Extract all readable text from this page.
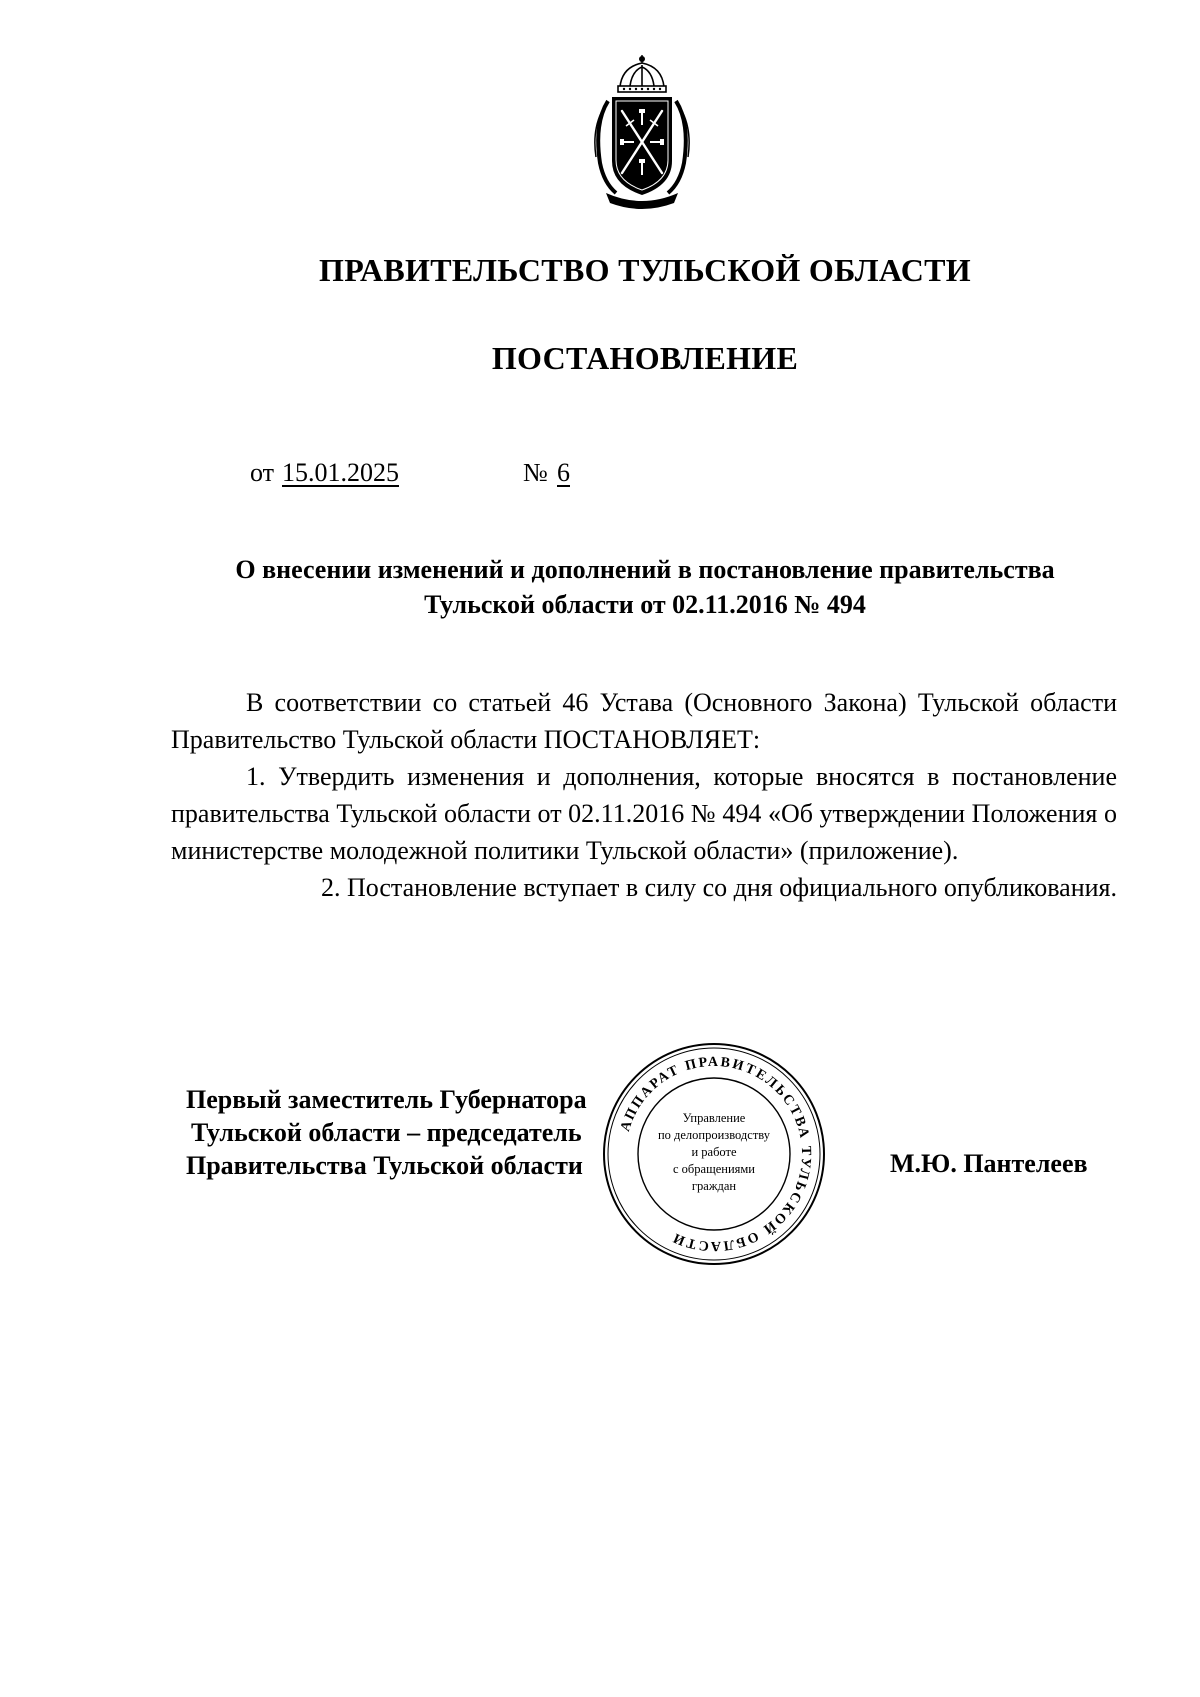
ПРАВИТЕЛЬСТВО ТУЛЬСКОЙ ОБЛАСТИ
ПОСТАНОВЛЕНИЕ
от 15.01.2025	№ 6
О внесении изменений и дополнений в постановление правительства
Тульской области от 02.11.2016 № 494

В соответствии со статьей 46 Устава (Основного Закона) Тульской области Правительство Тульской области ПОСТАНОВЛЯЕТ:

1. Утвердить изменения и дополнения, которые вносятся в постановление правительства Тульской области от 02.11.2016 № 494 «Об утверждении Положения о министерстве молодежной политики Тульской области» (приложение).

2. Постановление вступает в силу со дня официального опубликования.

Первый заместитель Губернатора
Тульской области – председатель
Правительства Тульской области
АППАРАТ ПРАВИТЕЛЬСТВА ТУЛЬСКОЙ ОБЛАСТИ
Управление
по делопроизводству
и работе
с обращениями
граждан
М.Ю. Пантелеев
